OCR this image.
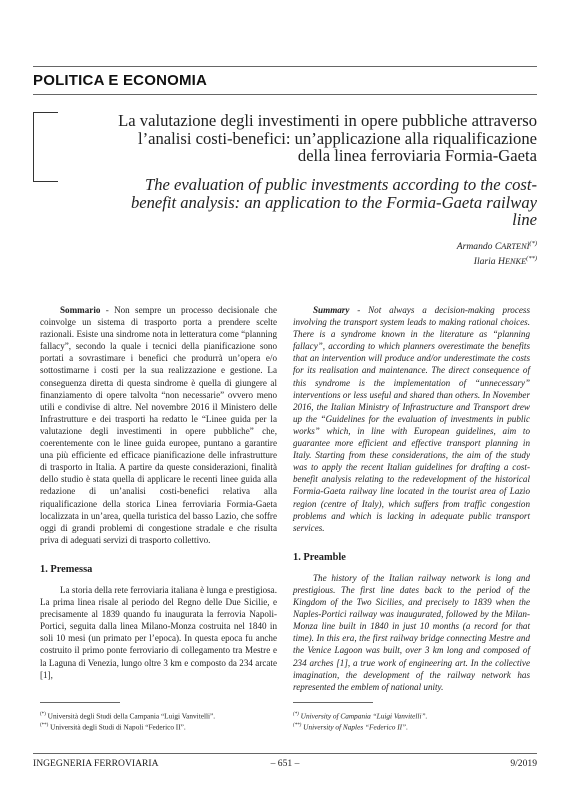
POLITICA E ECONOMIA
La valutazione degli investimenti in opere pubbliche attraverso l’analisi costi-benefici: un’applicazione alla riqualificazione della linea ferroviaria Formia-Gaeta
The evaluation of public investments according to the cost-benefit analysis: an application to the Formia-Gaeta railway line
Armando CARTENÌ(*)
Ilaria HENKE(**)

Sommario - Non sempre un processo decisionale che coinvolge un sistema di trasporto porta a prendere scelte razionali. Esiste una sindrome nota in letteratura come “planning fallacy”, secondo la quale i tecnici della pianificazione sono portati a sovrastimare i benefici che produrrà un’opera e/o sottostimarne i costi per la sua realizzazione e gestione. La conseguenza diretta di questa sindrome è quella di giungere al finanziamento di opere talvolta “non necessarie” ovvero meno utili e condivise di altre. Nel novembre 2016 il Ministero delle Infrastrutture e dei trasporti ha redatto le “Linee guida per la valutazione degli investimenti in opere pubbliche” che, coerentemente con le linee guida europee, puntano a garantire una più efficiente ed efficace pianificazione delle infrastrutture di trasporto in Italia. A partire da queste considerazioni, finalità dello studio è stata quella di applicare le recenti linee guida alla redazione di un’analisi costi-benefici relativa alla riqualificazione della storica Linea ferroviaria Formia-Gaeta localizzata in un’area, quella turistica del basso Lazio, che soffre oggi di grandi problemi di congestione stradale e che risulta priva di adeguati servizi di trasporto collettivo.

1. Premessa

La storia della rete ferroviaria italiana è lunga e prestigiosa. La prima linea risale al periodo del Regno delle Due Sicilie, e precisamente al 1839 quando fu inaugurata la ferrovia Napoli-Portici, seguita dalla linea Milano-Monza costruita nel 1840 in soli 10 mesi (un primato per l’epoca). In questa epoca fu anche costruito il primo ponte ferroviario di collegamento tra Mestre e la Laguna di Venezia, lungo oltre 3 km e composto da 234 arcate [1],

Summary - Not always a decision-making process involving the transport system leads to making rational choices. There is a syndrome known in the literature as “planning fallacy”, according to which planners overestimate the benefits that an intervention will produce and/or underestimate the costs for its realisation and maintenance. The direct consequence of this syndrome is the implementation of “unnecessary” interventions or less useful and shared than others. In November 2016, the Italian Ministry of Infrastructure and Transport drew up the “Guidelines for the evaluation of investments in public works” which, in line with European guidelines, aim to guarantee more efficient and effective transport planning in Italy. Starting from these considerations, the aim of the study was to apply the recent Italian guidelines for drafting a cost-benefit analysis relating to the redevelopment of the historical Formia-Gaeta railway line located in the tourist area of Lazio region (centre of Italy), which suffers from traffic congestion problems and which is lacking in adequate public transport services.

1. Preamble

The history of the Italian railway network is long and prestigious. The first line dates back to the period of the Kingdom of the Two Sicilies, and precisely to 1839 when the Naples-Portici railway was inaugurated, followed by the Milan-Monza line built in 1840 in just 10 months (a record for that time). In this era, the first railway bridge connecting Mestre and the Venice Lagoon was built, over 3 km long and composed of 234 arches [1], a true work of engineering art. In the collective imagination, the development of the railway network has represented the emblem of national unity.

(*) Università degli Studi della Campania “Luigi Vanvitelli”.
(**) Università degli Studi di Napoli “Federico II”.
(*) University of Campania “Luigi Vanvitelli”.
(**) University of Naples “Federico II”.
INGEGNERIA FERROVIARIA	– 651 –	9/2019
